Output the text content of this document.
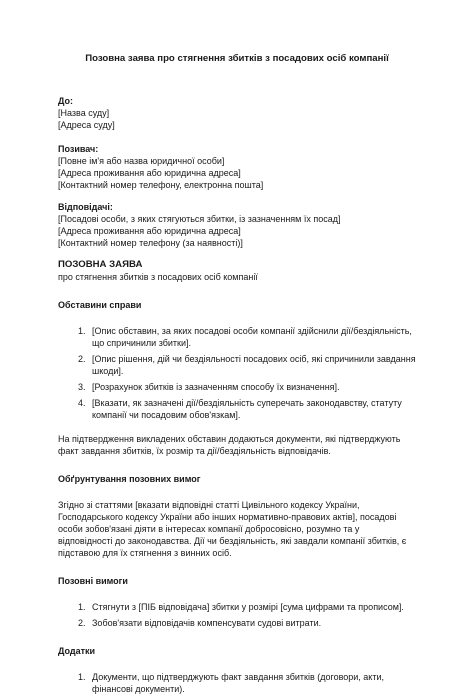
Позовна заява про стягнення збитків з посадових осіб компанії

До:

[Назва суду]

[Адреса суду]

Позивач:

[Повне ім'я або назва юридичної особи]

[Адреса проживання або юридична адреса]

[Контактний номер телефону, електронна пошта]

Відповідачі:

[Посадові особи, з яких стягуються збитки, із зазначенням їх посад]

[Адреса проживання або юридична адреса]

[Контактний номер телефону (за наявності)]

ПОЗОВНА ЗАЯВА

про стягнення збитків з посадових осіб компанії

Обставини справи

1. [Опис обставин, за яких посадові особи компанії здійснили дії/бездіяльність, що спричинили збитки].
2. [Опис рішення, дій чи бездіяльності посадових осіб, які спричинили завдання шкоди].
3. [Розрахунок збитків із зазначенням способу їх визначення].
4. [Вказати, як зазначені дії/бездіяльність суперечать законодавству, статуту компанії чи посадовим обов'язкам].

На підтвердження викладених обставин додаються документи, які підтверджують факт завдання збитків, їх розмір та дії/бездіяльність відповідачів.

Обґрунтування позовних вимог

Згідно зі статтями [вказати відповідні статті Цивільного кодексу України, Господарського кодексу України або інших нормативно-правових актів], посадові особи зобов'язані діяти в інтересах компанії добросовісно, розумно та у відповідності до законодавства. Дії чи бездіяльність, які завдали компанії збитків, є підставою для їх стягнення з винних осіб.

Позовні вимоги

1. Стягнути з [ПІБ відповідача] збитки у розмірі [сума цифрами та прописом].
2. Зобов'язати відповідачів компенсувати судові витрати.

Додатки

1. Документи, що підтверджують факт завдання збитків (договори, акти, фінансові документи).
